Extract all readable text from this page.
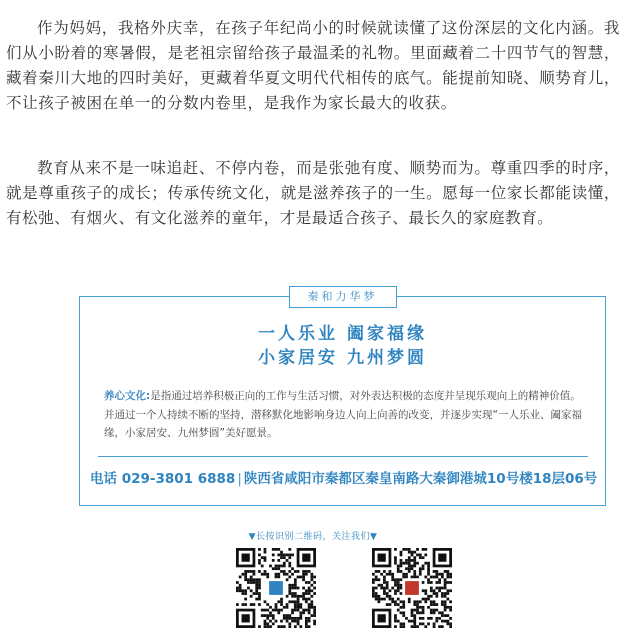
作为妈妈，我格外庆幸，在孩子年纪尚小的时候就读懂了这份深层的文化内涵。我们从小盼着的寒暑假，是老祖宗留给孩子最温柔的礼物。里面藏着二十四节气的智慧，藏着秦川大地的四时美好，更藏着华夏文明代代相传的底气。能提前知晓、顺势育儿，不让孩子被困在单一的分数内卷里，是我作为家长最大的收获。

教育从来不是一味追赶、不停内卷，而是张弛有度、顺势而为。尊重四季的时序，就是尊重孩子的成长；传承传统文化，就是滋养孩子的一生。愿每一位家长都能读懂，有松弛、有烟火、有文化滋养的童年，才是最适合孩子、最长久的家庭教育。

秦和力华梦
一人乐业 阖家福缘
小家居安 九州梦圆

养心文化:是指通过培养积极正向的工作与生活习惯，对外表达积极的态度并呈现乐观向上的精神价值。并通过一个人持续不断的坚持，潜移默化地影响身边人向上向善的改变，并逐步实现“一人乐业、阖家福缘，小家居安、九州梦圆”美好愿景。

电话 029-3801 6888 | 陕西省咸阳市秦都区秦皇南路大秦御港城10号楼18层06号
▼长按识别二维码，关注我们▼
